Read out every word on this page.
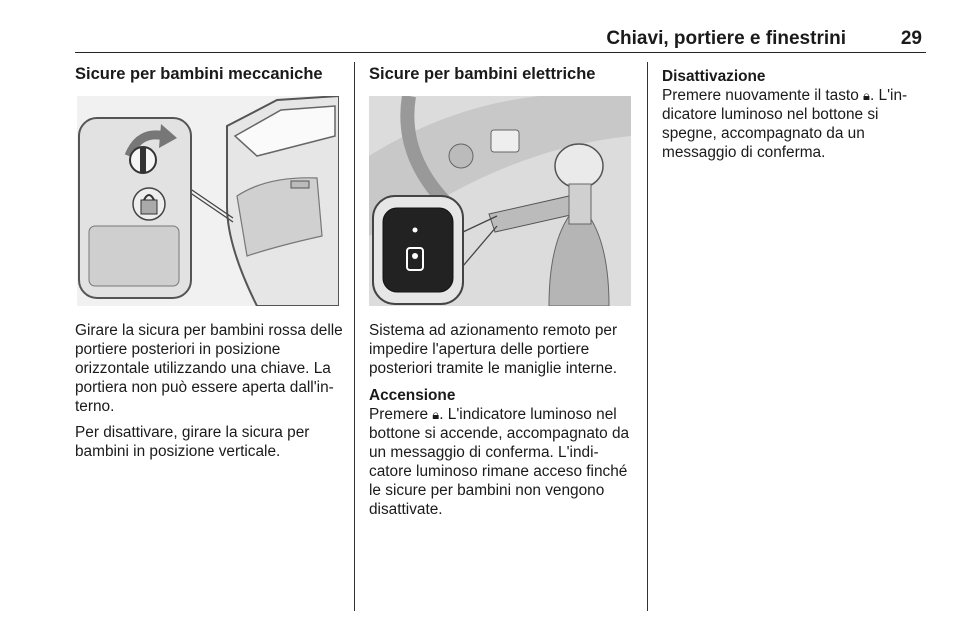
Chiavi, portiere e finestrini	29
Sicure per bambini meccaniche

Girare la sicura per bambini rossa delle portiere posteriori in posizione orizzontale utilizzando una chiave. La portiera non può essere aperta dall'in-terno.

Per disattivare, girare la sicura per bambini in posizione verticale.

Sicure per bambini elettriche

Sistema ad azionamento remoto per impedire l'apertura delle portiere posteriori tramite le maniglie interne.

Accensione

Premere 🔒︎. L'indicatore luminoso nel bottone si accende, accompagnato da un messaggio di conferma. L'indi-catore luminoso rimane acceso finché le sicure per bambini non vengono disattivate.

Disattivazione

Premere nuovamente il tasto 🔒︎. L'in-dicatore luminoso nel bottone si spegne, accompagnato da un messaggio di conferma.
